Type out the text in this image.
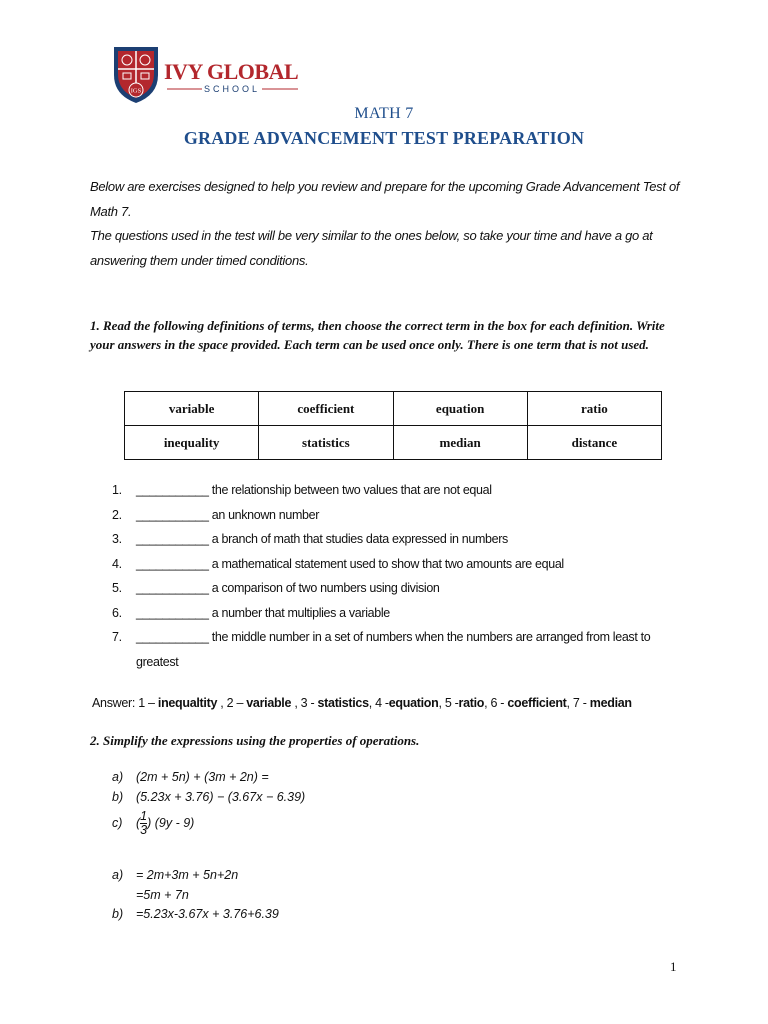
IGS
IVY GLOBAL
SCHOOL
MATH 7
GRADE ADVANCEMENT TEST PREPARATION

Below are exercises designed to help you review and prepare for the upcoming Grade Advancement Test of Math 7.

The questions used in the test will be very similar to the ones below, so take your time and have a go at answering them under timed conditions.

1. Read the following definitions of terms, then choose the correct term in the box for each definition. Write your answers in the space provided. Each term can be used once only. There is one term that is not used.
variable	coefficient	equation	ratio
inequality	statistics	median	distance
1. ___________ the relationship between two values that are not equal
2. ___________ an unknown number
3. ___________ a branch of math that studies data expressed in numbers
4. ___________ a mathematical statement used to show that two amounts are equal
5. ___________ a comparison of two numbers using division
6. ___________ a number that multiplies a variable
7. ___________ the middle number in a set of numbers when the numbers are arranged from least to greatest
Answer: 1 – inequaltity , 2 – variable , 3 - statistics, 4 -equation, 5 -ratio, 6 - coefficient, 7 - median
2. Simplify the expressions using the properties of operations.
a) (2m + 5n) + (3m + 2n) =
b) (5.23x + 3.76) − (3.67x − 6.39)
c) ($\frac{1}{3}$ ) (9y - 9)
a) = 2m+3m + 5n+2n
=5m + 7n
b) =5.23x-3.67x + 3.76+6.39
1
